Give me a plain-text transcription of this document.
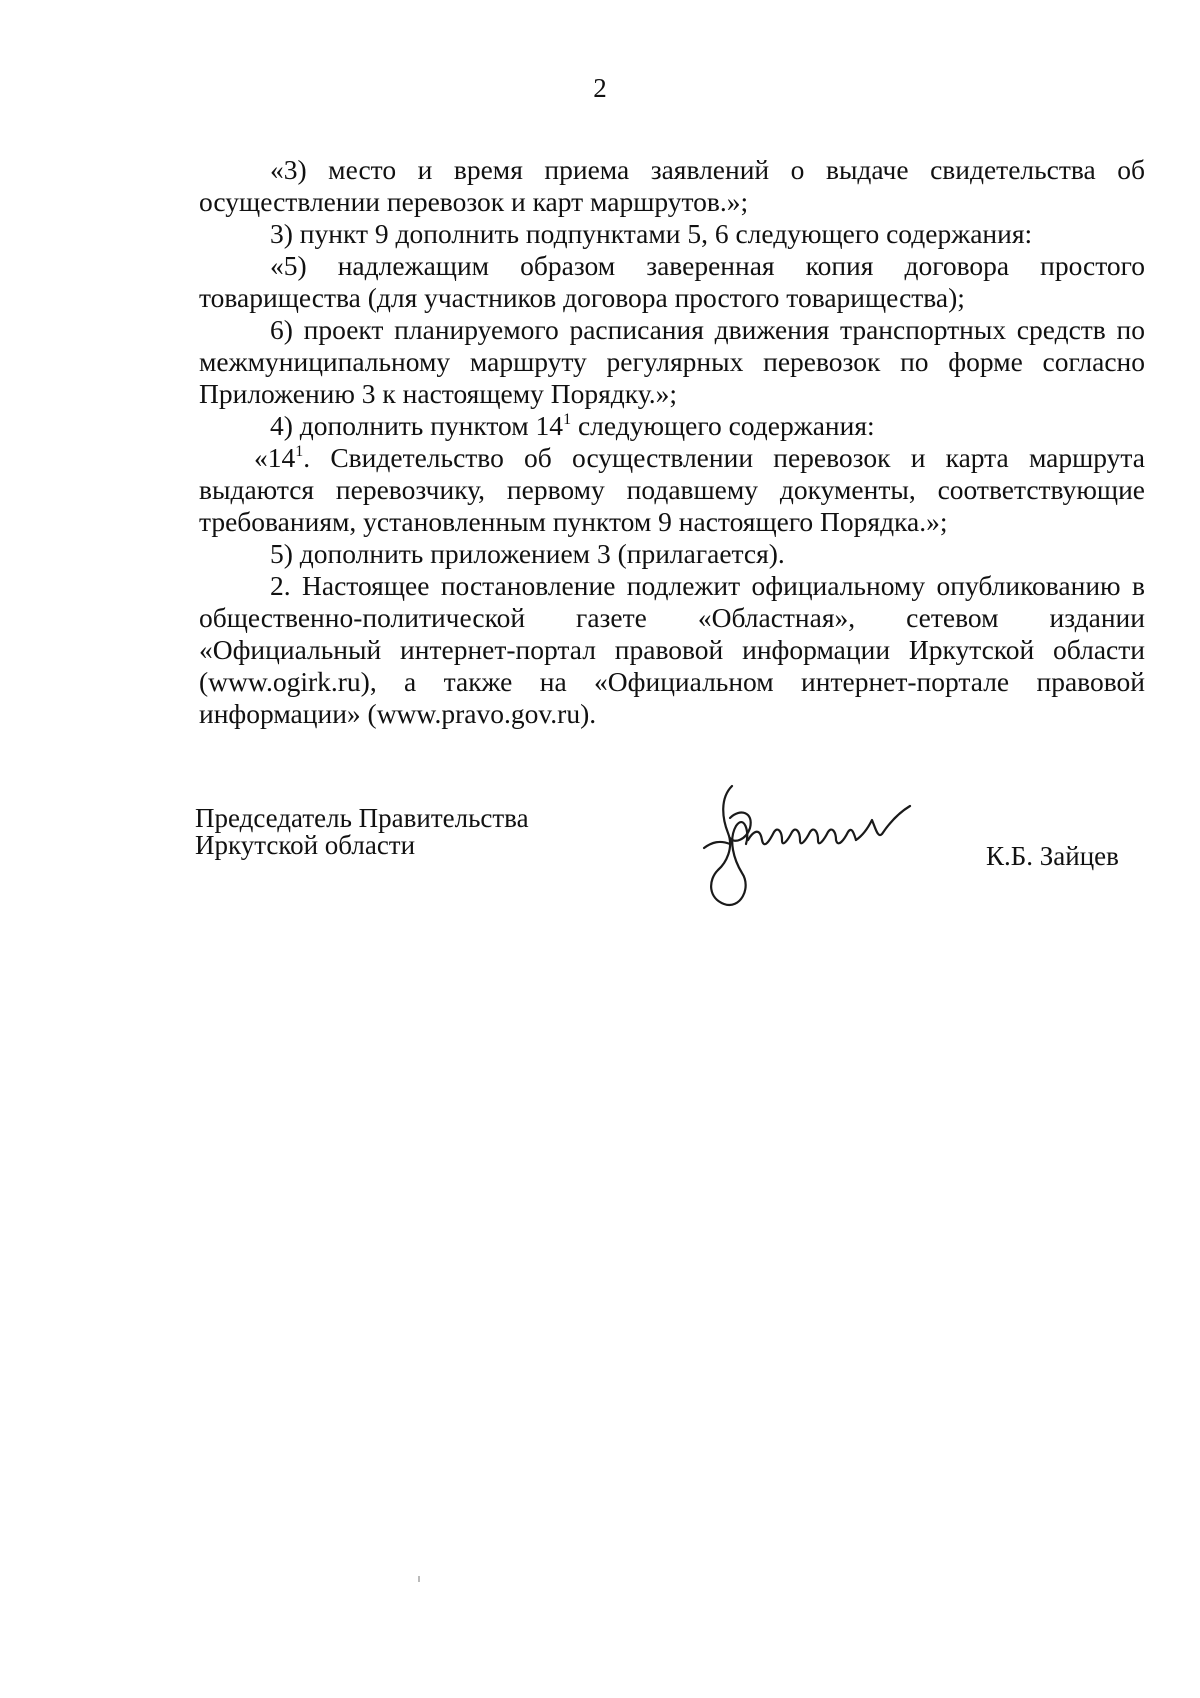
2

«3) место и время приема заявлений о выдаче свидетельства об осуществлении перевозок и карт маршрутов.»;

3) пункт 9 дополнить подпунктами 5, 6 следующего содержания:

«5) надлежащим образом заверенная копия договора простого товарищества (для участников договора простого товарищества);

6) проект планируемого расписания движения транспортных средств по межмуниципальному маршруту регулярных перевозок по форме согласно Приложению 3 к настоящему Порядку.»;

4) дополнить пунктом $14^1$ следующего содержания:

«$14^1$. Свидетельство об осуществлении перевозок и карта маршрута выдаются перевозчику, первому подавшему документы, соответствующие требованиям, установленным пунктом 9 настоящего Порядка.»;

5) дополнить приложением 3 (прилагается).

2. Настоящее постановление подлежит официальному опубликованию в общественно-политической газете «Областная», сетевом издании «Официальный интернет-портал правовой информации Иркутской области (www.ogirk.ru), а также на «Официальном интернет-портале правовой информации» (www.pravo.gov.ru).

Председатель Правительства
Иркутской области	К.Б. Зайцев
